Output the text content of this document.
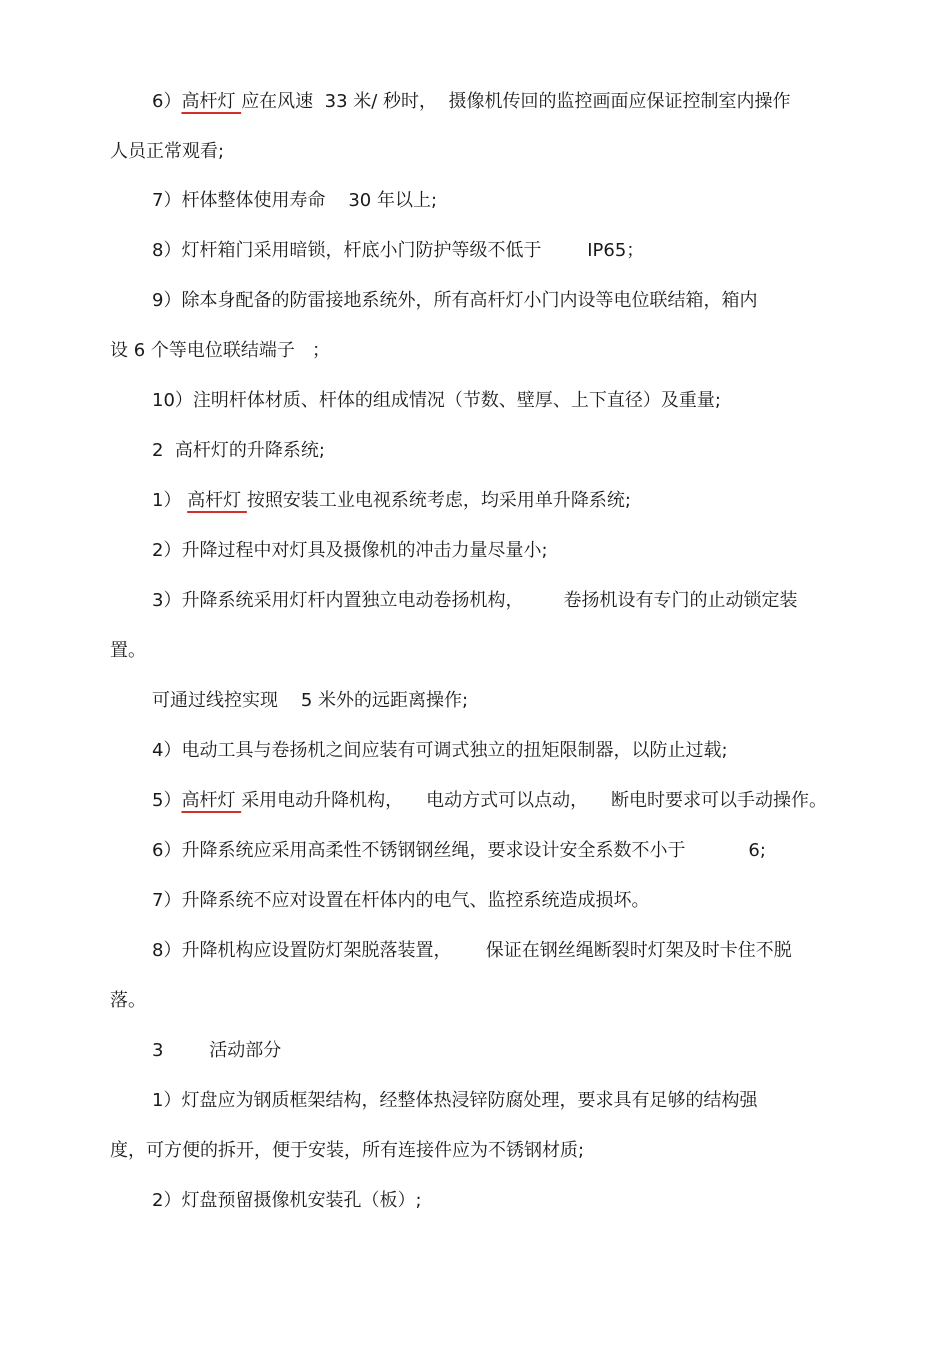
6）高杆灯 应在风速  33 米/ 秒时，  摄像机传回的监控画面应保证控制室内操作
人员正常观看;
7）杆体整体使用寿命    30 年以上;
8）灯杆箱门采用暗锁，杆底小门防护等级不低于        IP65；
9）除本身配备的防雷接地系统外，所有高杆灯小门内设等电位联结箱，箱内
设 6 个等电位联结端子   ；
10）注明杆体材质、杆体的组成情况（节数、壁厚、上下直径）及重量;
2  高杆灯的升降系统;
1） 高杆灯 按照安装工业电视系统考虑，均采用单升降系统;
2）升降过程中对灯具及摄像机的冲击力量尽量小;
3）升降系统采用灯杆内置独立电动卷扬机构，       卷扬机设有专门的止动锁定装
置。
可通过线控实现    5 米外的远距离操作;
4）电动工具与卷扬机之间应装有可调式独立的扭矩限制器，以防止过载;
5）高杆灯 采用电动升降机构，    电动方式可以点动，    断电时要求可以手动操作。
6）升降系统应采用高柔性不锈钢钢丝绳，要求设计安全系数不小于           6;
7）升降系统不应对设置在杆体内的电气、监控系统造成损坏。
8）升降机构应设置防灯架脱落装置，      保证在钢丝绳断裂时灯架及时卡住不脱
落。
3        活动部分
1）灯盘应为钢质框架结构，经整体热浸锌防腐处理，要求具有足够的结构强
度，可方便的拆开，便于安装，所有连接件应为不锈钢材质;
2）灯盘预留摄像机安装孔（板）;
